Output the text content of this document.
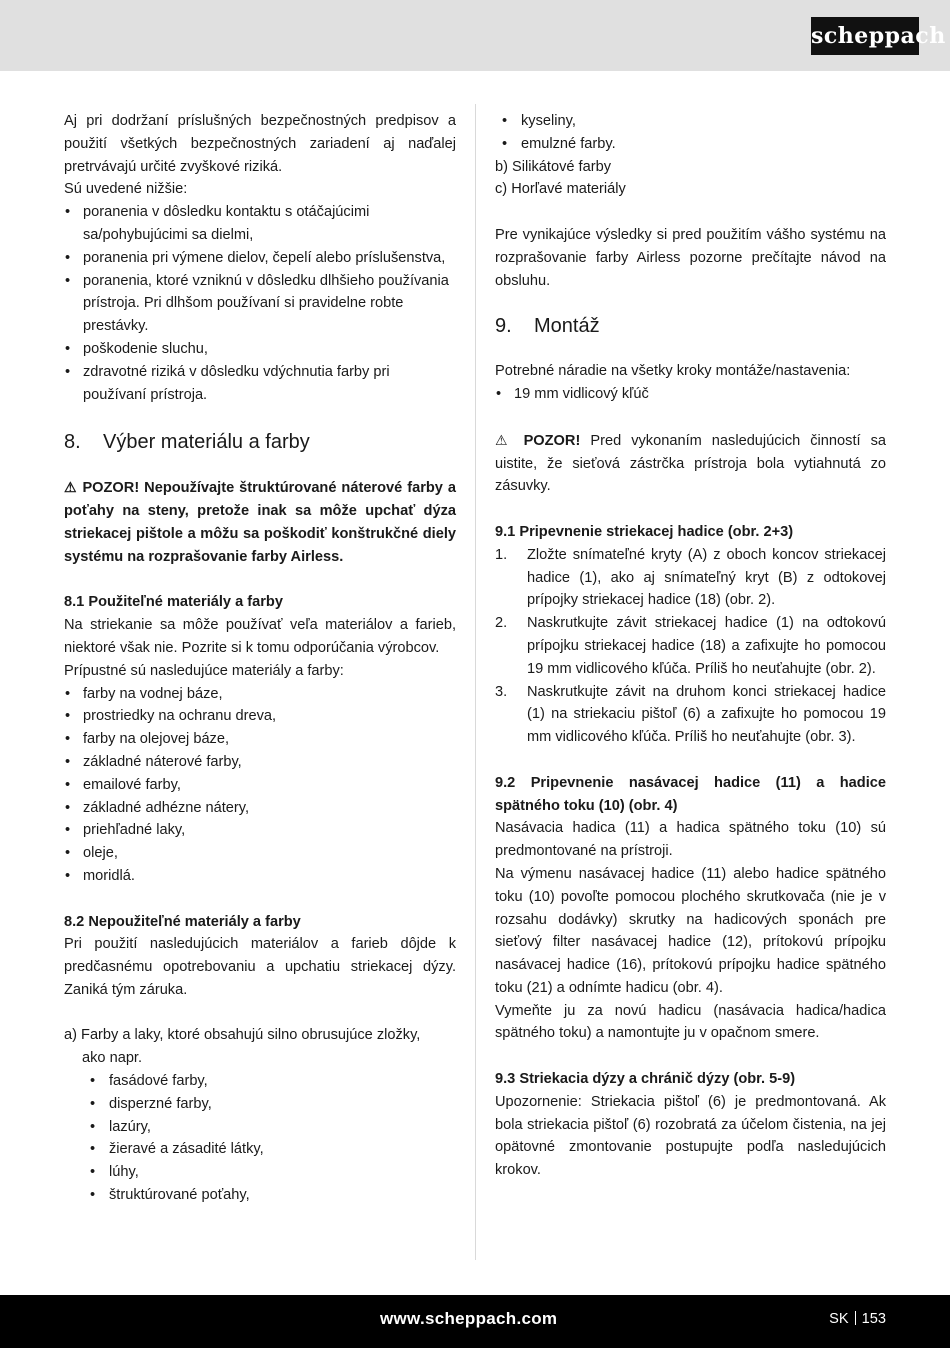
scheppach

Aj pri dodržaní príslušných bezpečnostných predpisov a použití všetkých bezpečnostných zariadení aj naďalej pretrvávajú určité zvyškové riziká.

Sú uvedené nižšie:

• poranenia v dôsledku kontaktu s otáčajúcimi sa/pohybujúcimi sa dielmi,
• poranenia pri výmene dielov, čepelí alebo príslušenstva,
• poranenia, ktoré vzniknú v dôsledku dlhšieho používania prístroja. Pri dlhšom používaní si pravidelne robte prestávky.
• poškodenie sluchu,
• zdravotné riziká v dôsledku vdýchnutia farby pri používaní prístroja.
8. Výber materiálu a farby

⚠ POZOR! Nepoužívajte štruktúrované náterové farby a poťahy na steny, pretože inak sa môže upchať dýza striekacej pištole a môžu sa poškodiť konštrukčné diely systému na rozprašovanie farby Airless.

8.1 Použiteľné materiály a farby

Na striekanie sa môže používať veľa materiálov a farieb, niektoré však nie. Pozrite si k tomu odporúčania výrobcov.

Prípustné sú nasledujúce materiály a farby:

• farby na vodnej báze,
• prostriedky na ochranu dreva,
• farby na olejovej báze,
• základné náterové farby,
• emailové farby,
• základné adhézne nátery,
• priehľadné laky,
• oleje,
• moridlá.
8.2 Nepoužiteľné materiály a farby

Pri použití nasledujúcich materiálov a farieb dôjde k predčasnému opotrebovaniu a upchatiu striekacej dýzy. Zaniká tým záruka.

a) Farby a laky, ktoré obsahujú silno obrusujúce zložky,

ako napr.

• fasádové farby,
• disperzné farby,
• lazúry,
• žieravé a zásadité látky,
• lúhy,
• štruktúrované poťahy,
• kyseliny,
• emulzné farby.

b) Silikátové farby

c) Horľavé materiály

Pre vynikajúce výsledky si pred použitím vášho systému na rozprašovanie farby Airless pozorne prečítajte návod na obsluhu.

9. Montáž

Potrebné náradie na všetky kroky montáže/nastavenia:

• 19 mm vidlicový kľúč

⚠ POZOR! Pred vykonaním nasledujúcich činností sa uistite, že sieťová zástrčka prístroja bola vytiahnutá zo zásuvky.

9.1 Pripevnenie striekacej hadice (obr. 2+3)
1. Zložte snímateľné kryty (A) z oboch koncov striekacej hadice (1), ako aj snímateľný kryt (B) z odtokovej prípojky striekacej hadice (18) (obr. 2).
2. Naskrutkujte závit striekacej hadice (1) na odtokovú prípojku striekacej hadice (18) a zafixujte ho pomocou 19 mm vidlicového kľúča. Príliš ho neuťahujte (obr. 2).
3. Naskrutkujte závit na druhom konci striekacej hadice (1) na striekaciu pištoľ (6) a zafixujte ho pomocou 19 mm vidlicového kľúča. Príliš ho neuťahujte (obr. 3).
9.2 Pripevnenie nasávacej hadice (11) a hadice spätného toku (10) (obr. 4)

Nasávacia hadica (11) a hadica spätného toku (10) sú predmontované na prístroji.

Na výmenu nasávacej hadice (11) alebo hadice spätného toku (10) povoľte pomocou plochého skrutkovača (nie je v rozsahu dodávky) skrutky na hadicových sponách pre sieťový filter nasávacej hadice (12), prítokovú prípojku nasávacej hadice (16), prítokovú prípojku hadice spätného toku (21) a odnímte hadicu (obr. 4).

Vymeňte ju za novú hadicu (nasávacia hadica/hadica spätného toku) a namontujte ju v opačnom smere.

9.3 Striekacia dýzy a chránič dýzy (obr. 5-9)

Upozornenie: Striekacia pištoľ (6) je predmontovaná. Ak bola striekacia pištoľ (6) rozobratá za účelom čistenia, na jej opätovné zmontovanie postupujte podľa nasledujúcich krokov.

www.scheppach.com	SK 153
